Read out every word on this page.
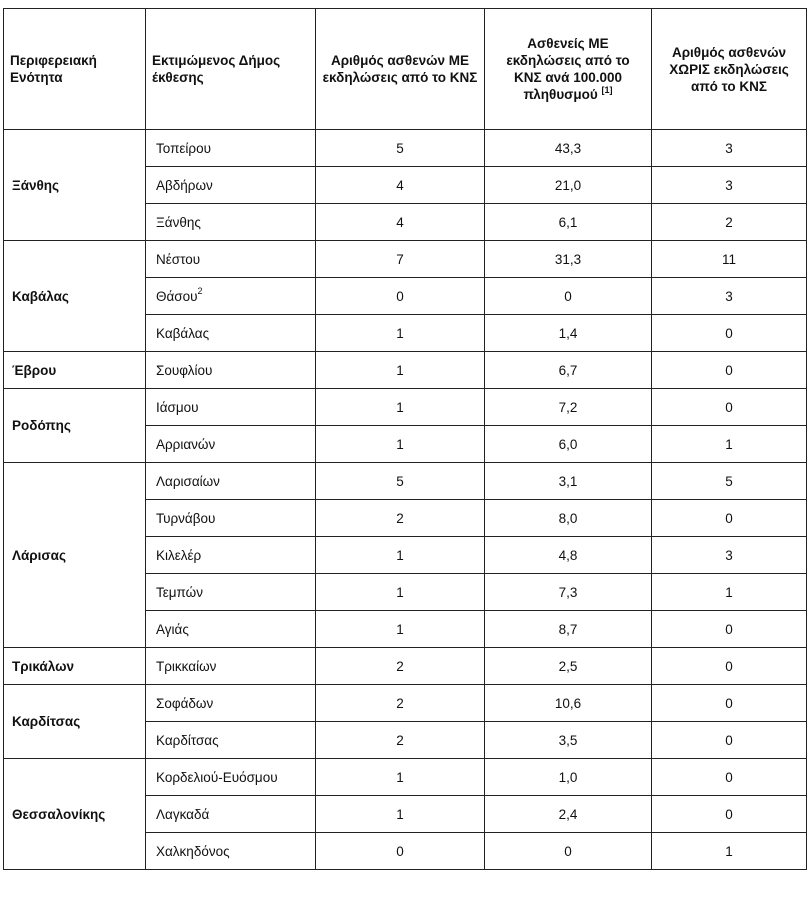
Περιφερειακή Ενότητα	Εκτιμώμενος Δήμος έκθεσης	Αριθμός ασθενών ΜΕ εκδηλώσεις από το ΚΝΣ	Ασθενείς ΜΕ εκδηλώσεις από το ΚΝΣ ανά 100.000 πληθυσμού [1]	Αριθμός ασθενών ΧΩΡΙΣ εκδηλώσεις από το ΚΝΣ
Ξάνθης	Τοπείρου	5	43,3	3
	Αβδήρων	4	21,0	3
	Ξάνθης	4	6,1	2
Καβάλας	Νέστου	7	31,3	11
	Θάσου$^2$	0	0	3
	Καβάλας	1	1,4	0
Έβρου	Σουφλίου	1	6,7	0
Ροδόπης	Ιάσμου	1	7,2	0
	Αρριανών	1	6,0	1
Λάρισας	Λαρισαίων	5	3,1	5
	Τυρνάβου	2	8,0	0
	Κιλελέρ	1	4,8	3
	Τεμπών	1	7,3	1
	Αγιάς	1	8,7	0
Τρικάλων	Τρικκαίων	2	2,5	0
Καρδίτσας	Σοφάδων	2	10,6	0
	Καρδίτσας	2	3,5	0
Θεσσαλονίκης	Κορδελιού-Ευόσμου	1	1,0	0
	Λαγκαδά	1	2,4	0
	Χαλκηδόνος	0	0	1
